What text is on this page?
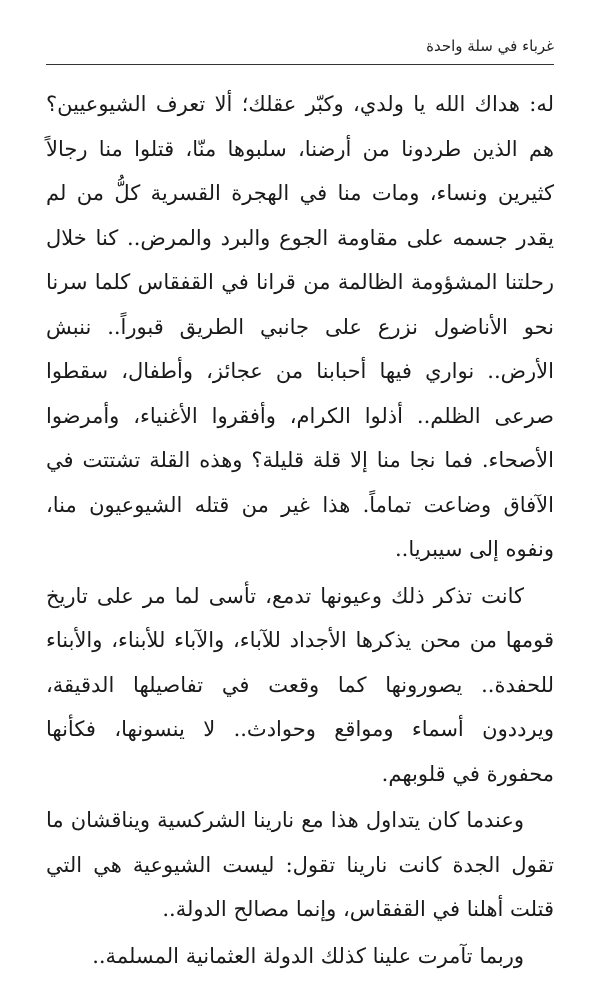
غرباء في سلة واحدة

له: هداك الله يا ولدي، وكبّر عقلك؛ ألا تعرف الشيوعيين؟ هم الذين طردونا من أرضنا، سلبوها منّا، قتلوا منا رجالاً كثيرين ونساء، ومات منا في الهجرة القسرية كلُّ من لم يقدر جسمه على مقاومة الجوع والبرد والمرض.. كنا خلال رحلتنا المشؤومة الظالمة من قرانا في القفقاس كلما سرنا نحو الأناضول نزرع على جانبي الطريق قبوراً.. ننبش الأرض.. نواري فيها أحبابنا من عجائز، وأطفال، سقطوا صرعى الظلم.. أذلوا الكرام، وأفقروا الأغنياء، وأمرضوا الأصحاء. فما نجا منا إلا قلة قليلة؟ وهذه القلة تشتتت في الآفاق وضاعت تماماً. هذا غير من قتله الشيوعيون منا، ونفوه إلى سيبريا..

كانت تذكر ذلك وعيونها تدمع، تأسى لما مر على تاريخ قومها من محن يذكرها الأجداد للآباء، والآباء للأبناء، والأبناء للحفدة.. يصورونها كما وقعت في تفاصيلها الدقيقة، ويرددون أسماء ومواقع وحوادث.. لا ينسونها، فكأنها محفورة في قلوبهم.

وعندما كان يتداول هذا مع نارينا الشركسية ويناقشان ما تقول الجدة كانت نارينا تقول: ليست الشيوعية هي التي قتلت أهلنا في القفقاس، وإنما مصالح الدولة..

وربما تآمرت علينا كذلك الدولة العثمانية المسلمة..
